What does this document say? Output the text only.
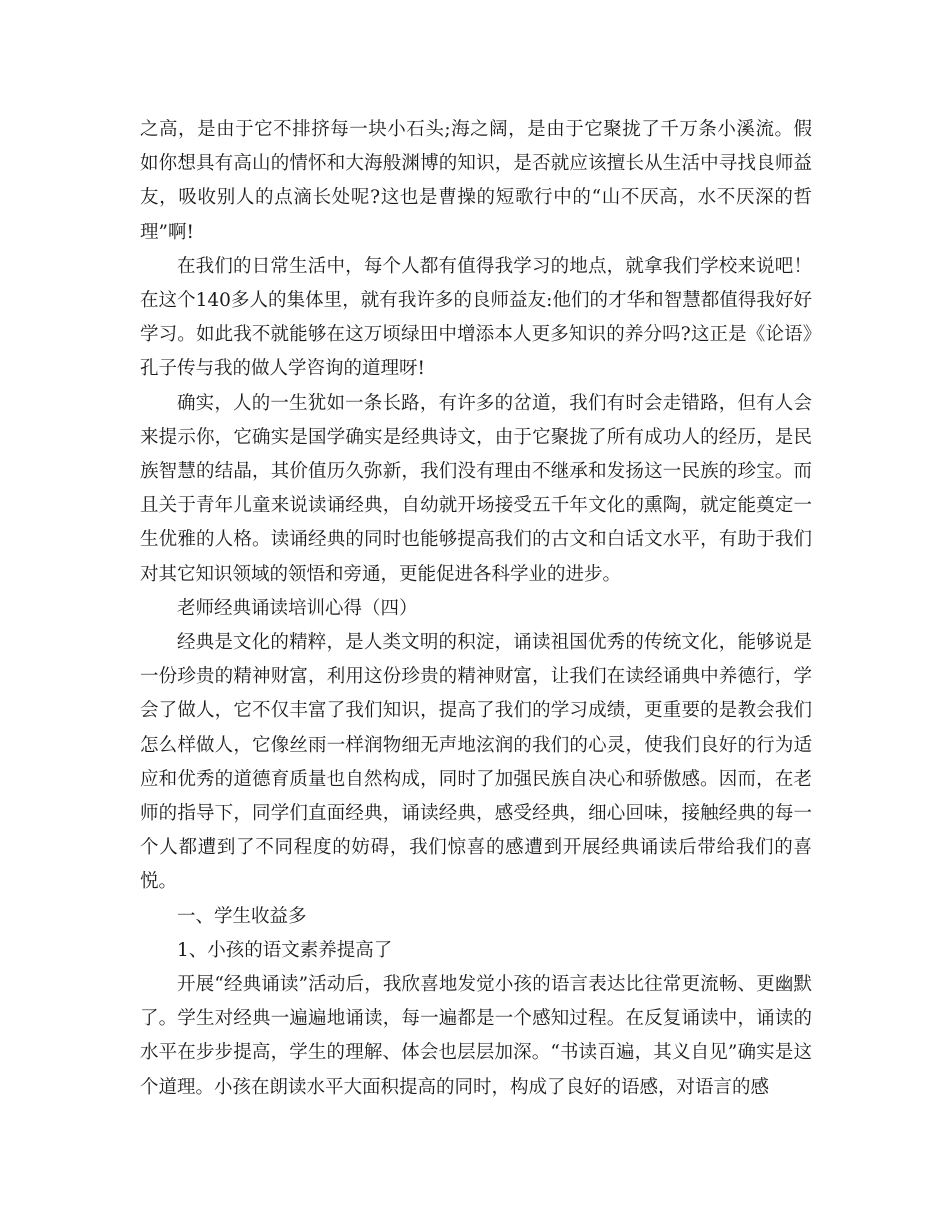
之高，是由于它不排挤每一块小石头;海之阔，是由于它聚拢了千万条小溪流。假如你想具有高山的情怀和大海般渊博的知识，是否就应该擅长从生活中寻找良师益友，吸收别人的点滴长处呢?这也是曹操的短歌行中的“山不厌高，水不厌深的哲理”啊!

在我们的日常生活中，每个人都有值得我学习的地点，就拿我们学校来说吧！在这个140多人的集体里，就有我许多的良师益友:他们的才华和智慧都值得我好好学习。如此我不就能够在这万顷绿田中增添本人更多知识的养分吗?这正是《论语》孔子传与我的做人学咨询的道理呀!

确实，人的一生犹如一条长路，有许多的岔道，我们有时会走错路，但有人会来提示你，它确实是国学确实是经典诗文，由于它聚拢了所有成功人的经历，是民族智慧的结晶，其价值历久弥新，我们没有理由不继承和发扬这一民族的珍宝。而且关于青年儿童来说读诵经典，自幼就开场接受五千年文化的熏陶，就定能奠定一生优雅的人格。读诵经典的同时也能够提高我们的古文和白话文水平，有助于我们对其它知识领域的领悟和旁通，更能促进各科学业的进步。

老师经典诵读培训心得（四）

经典是文化的精粹，是人类文明的积淀，诵读祖国优秀的传统文化，能够说是一份珍贵的精神财富，利用这份珍贵的精神财富，让我们在读经诵典中养德行，学会了做人，它不仅丰富了我们知识，提高了我们的学习成绩，更重要的是教会我们怎么样做人，它像丝雨一样润物细无声地泫润的我们的心灵，使我们良好的行为适应和优秀的道德育质量也自然构成，同时了加强民族自决心和骄傲感。因而，在老师的指导下，同学们直面经典，诵读经典，感受经典，细心回味，接触经典的每一个人都遭到了不同程度的妨碍，我们惊喜的感遭到开展经典诵读后带给我们的喜悦。

一、学生收益多

1、小孩的语文素养提高了

开展“经典诵读”活动后，我欣喜地发觉小孩的语言表达比往常更流畅、更幽默了。学生对经典一遍遍地诵读，每一遍都是一个感知过程。在反复诵读中，诵读的水平在步步提高，学生的理解、体会也层层加深。“书读百遍，其义自见”确实是这个道理。小孩在朗读水平大面积提高的同时，构成了良好的语感，对语言的感
